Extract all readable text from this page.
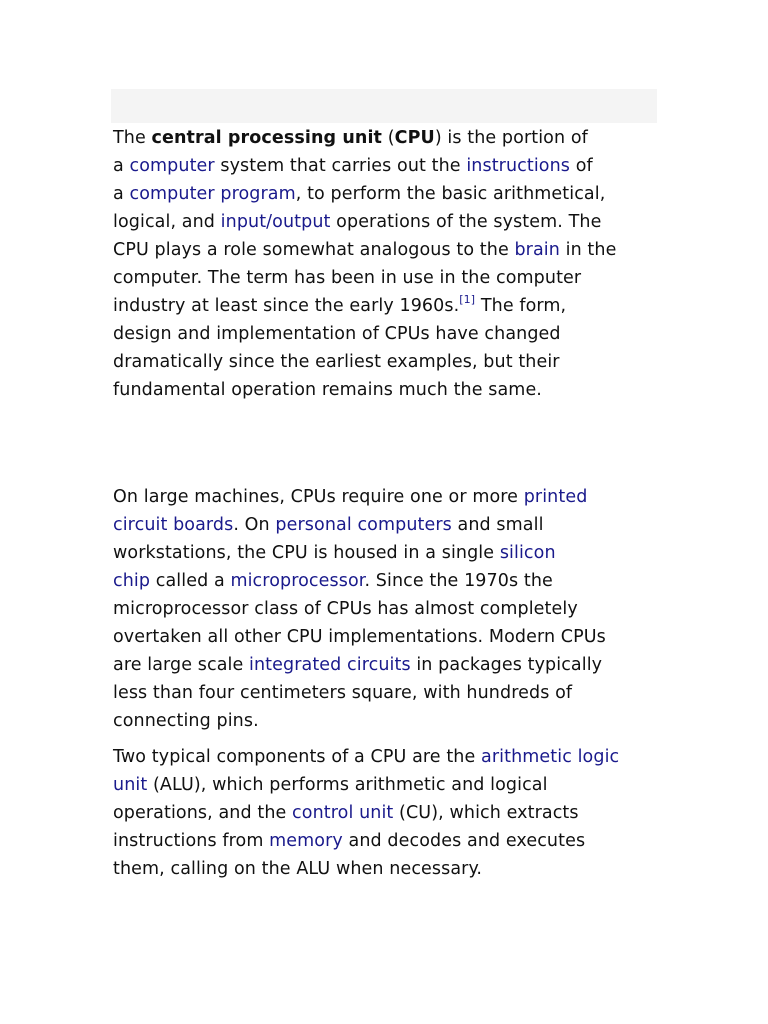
The central processing unit (CPU) is the portion of
a computer system that carries out the instructions of
a computer program, to perform the basic arithmetical,
logical, and input/output operations of the system. The
CPU plays a role somewhat analogous to the brain in the
computer. The term has been in use in the computer
industry at least since the early 1960s.[1] The form,
design and implementation of CPUs have changed
dramatically since the earliest examples, but their
fundamental operation remains much the same.

On large machines, CPUs require one or more printed
circuit boards. On personal computers and small
workstations, the CPU is housed in a single silicon
chip called a microprocessor. Since the 1970s the
microprocessor class of CPUs has almost completely
overtaken all other CPU implementations. Modern CPUs
are large scale integrated circuits in packages typically
less than four centimeters square, with hundreds of
connecting pins.

Two typical components of a CPU are the arithmetic logic
unit (ALU), which performs arithmetic and logical
operations, and the control unit (CU), which extracts
instructions from memory and decodes and executes
them, calling on the ALU when necessary.
